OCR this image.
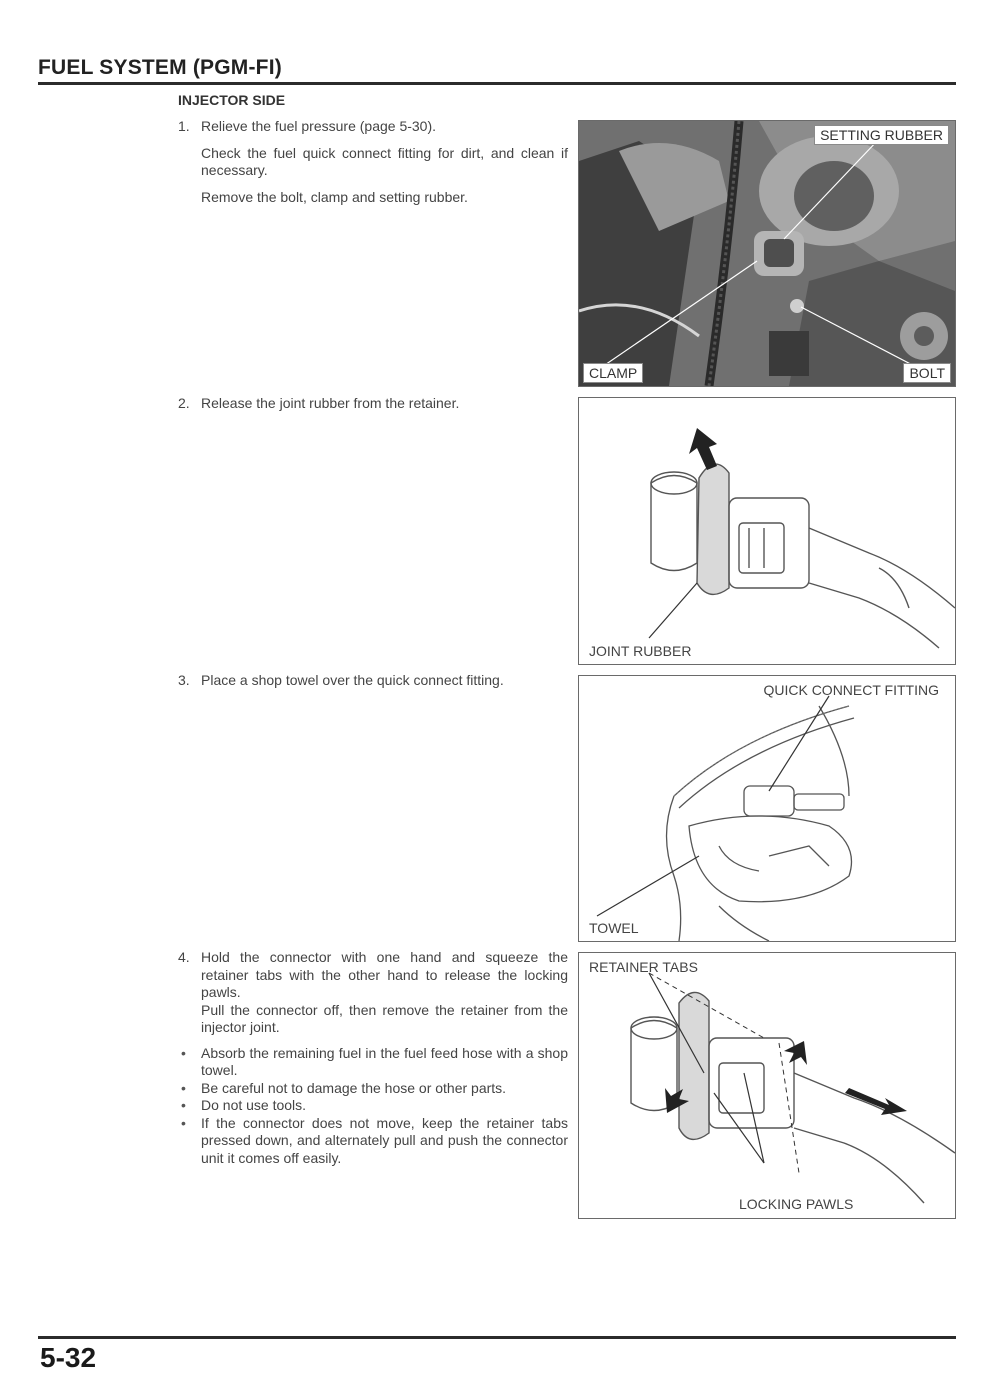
FUEL SYSTEM (PGM-FI)
INJECTOR SIDE
1. Relieve the fuel pressure (page 5-30).

Check the fuel quick connect fitting for dirt, and clean if necessary.

Remove the bolt, clamp and setting rubber.

2. Release the joint rubber from the retainer.

3. Place a shop towel over the quick connect fitting.

4. Hold the connector with one hand and squeeze the retainer tabs with the other hand to release the locking pawls.

Pull the connector off, then remove the retainer from the injector joint.

• Absorb the remaining fuel in the fuel feed hose with a shop towel.
• Be careful not to damage the hose or other parts.
• Do not use tools.
• If the connector does not move, keep the retainer tabs pressed down, and alternately pull and push the connector unit it comes off easily.
SETTING RUBBER
CLAMP	BOLT
JOINT RUBBER
QUICK CONNECT FITTING
TOWEL
RETAINER TABS
LOCKING PAWLS
5-32
